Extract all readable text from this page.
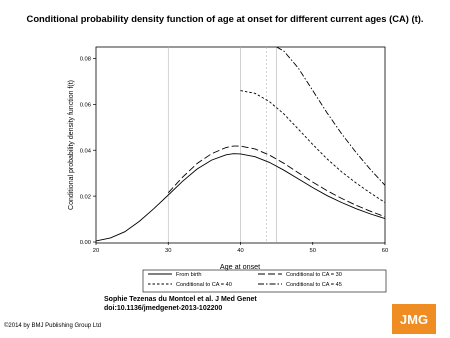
Conditional probability density function of age at onset for different current ages (CA) (t).
0.00
0.02
0.04
0.06
0.08
20	30	40	50	60
Age at onset
Conditional probability density function f(t)
From birth	Conditional to CA = 30
Conditional to CA = 40	Conditional to CA = 45
Sophie Tezenas du Montcel et al. J Med Genet
doi:10.1136/jmedgenet-2013-102200
©2014 by BMJ Publishing Group Ltd	JMG
